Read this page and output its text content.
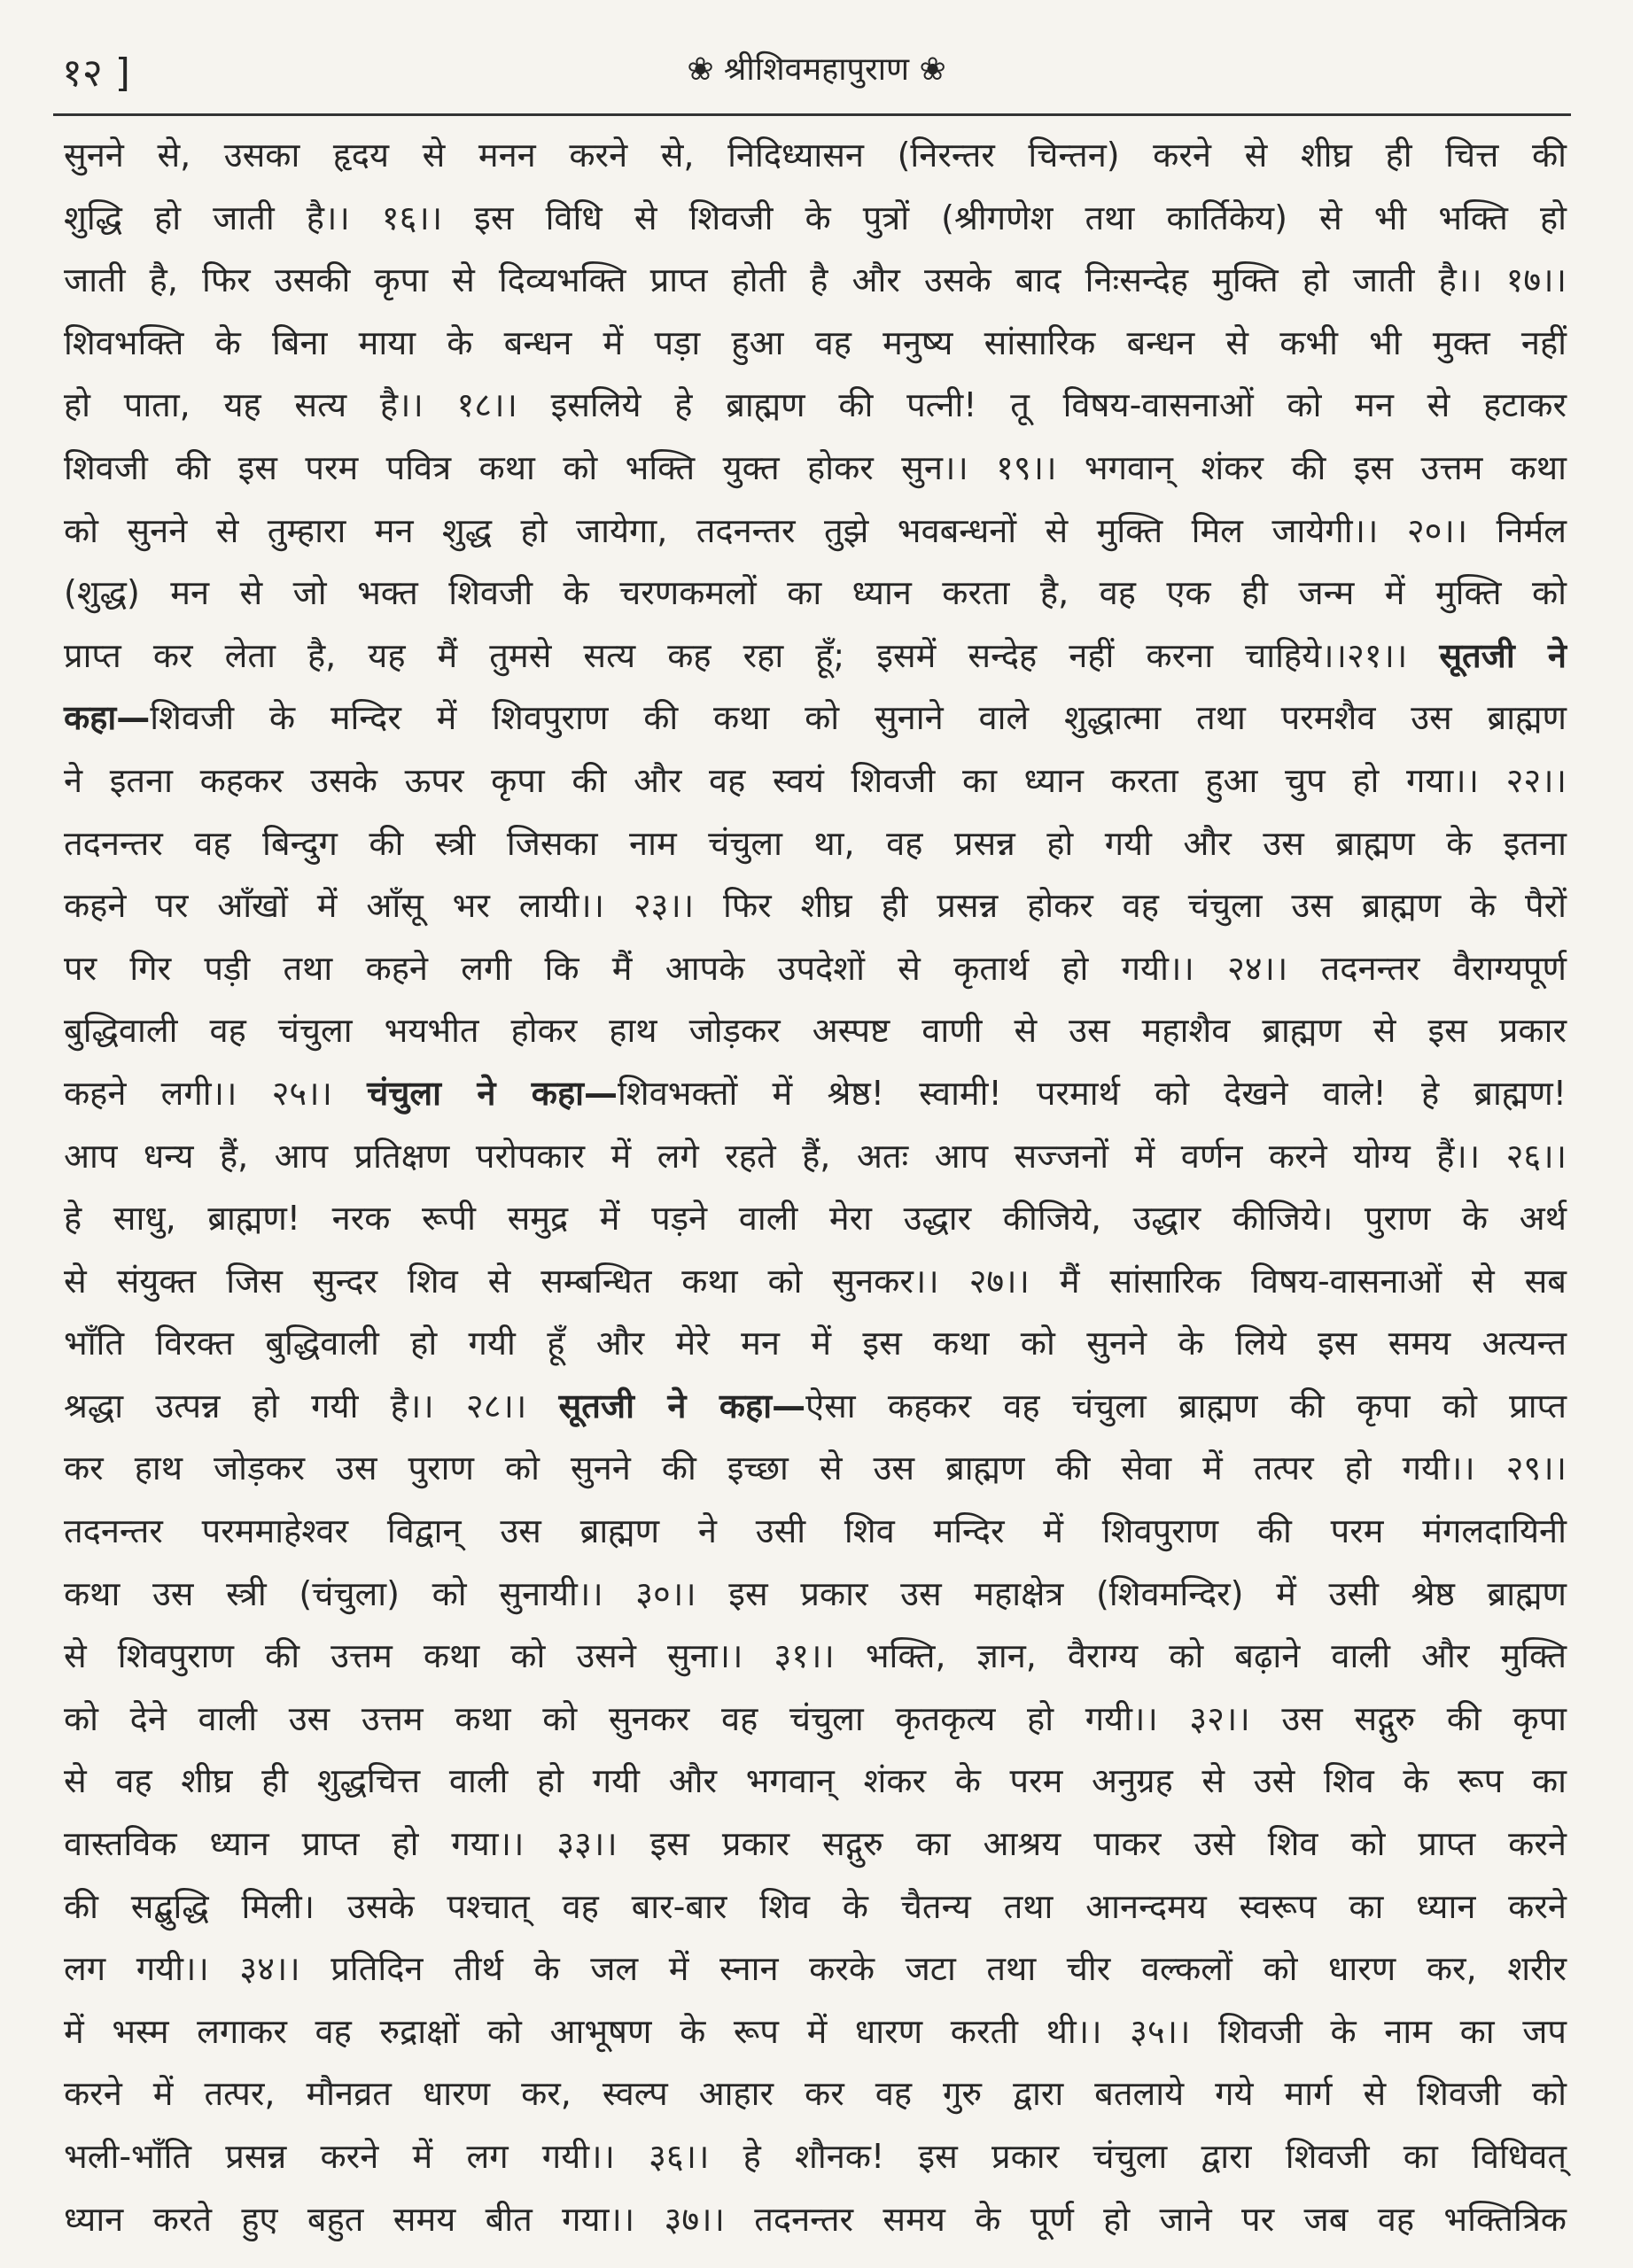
१२ ]	❀ श्रीशिवमहापुराण ❀
सुनने से, उसका हृदय से मनन करने से, निदिध्यासन (निरन्तर चिन्तन) करने से शीघ्र ही चित्त की
शुद्धि हो जाती है।। १६।। इस विधि से शिवजी के पुत्रों (श्रीगणेश तथा कार्तिकेय) से भी भक्ति हो
जाती है, फिर उसकी कृपा से दिव्यभक्ति प्राप्त होती है और उसके बाद निःसन्देह मुक्ति हो जाती है।। १७।।
शिवभक्ति के बिना माया के बन्धन में पड़ा हुआ वह मनुष्य सांसारिक बन्धन से कभी भी मुक्त नहीं
हो पाता, यह सत्य है।। १८।। इसलिये हे ब्राह्मण की पत्नी! तू विषय-वासनाओं को मन से हटाकर
शिवजी की इस परम पवित्र कथा को भक्ति युक्त होकर सुन।। १९।। भगवान् शंकर की इस उत्तम कथा
को सुनने से तुम्हारा मन शुद्ध हो जायेगा, तदनन्तर तुझे भवबन्धनों से मुक्ति मिल जायेगी।। २०।। निर्मल
(शुद्ध) मन से जो भक्त शिवजी के चरणकमलों का ध्यान करता है, वह एक ही जन्म में मुक्ति को
प्राप्त कर लेता है, यह मैं तुमसे सत्य कह रहा हूँ; इसमें सन्देह नहीं करना चाहिये।।२१।। सूतजी ने
कहा—शिवजी के मन्दिर में शिवपुराण की कथा को सुनाने वाले शुद्धात्मा तथा परमशैव उस ब्राह्मण
ने इतना कहकर उसके ऊपर कृपा की और वह स्वयं शिवजी का ध्यान करता हुआ चुप हो गया।। २२।।
तदनन्तर वह बिन्दुग की स्त्री जिसका नाम चंचुला था, वह प्रसन्न हो गयी और उस ब्राह्मण के इतना
कहने पर आँखों में आँसू भर लायी।। २३।। फिर शीघ्र ही प्रसन्न होकर वह चंचुला उस ब्राह्मण के पैरों
पर गिर पड़ी तथा कहने लगी कि मैं आपके उपदेशों से कृतार्थ हो गयी।। २४।। तदनन्तर वैराग्यपूर्ण
बुद्धिवाली वह चंचुला भयभीत होकर हाथ जोड़कर अस्पष्ट वाणी से उस महाशैव ब्राह्मण से इस प्रकार
कहने लगी।। २५।। चंचुला ने कहा—शिवभक्तों में श्रेष्ठ! स्वामी! परमार्थ को देखने वाले! हे ब्राह्मण!
आप धन्य हैं, आप प्रतिक्षण परोपकार में लगे रहते हैं, अतः आप सज्जनों में वर्णन करने योग्य हैं।। २६।।
हे साधु, ब्राह्मण! नरक रूपी समुद्र में पड़ने वाली मेरा उद्धार कीजिये, उद्धार कीजिये। पुराण के अर्थ
से संयुक्त जिस सुन्दर शिव से सम्बन्धित कथा को सुनकर।। २७।। मैं सांसारिक विषय-वासनाओं से सब
भाँति विरक्त बुद्धिवाली हो गयी हूँ और मेरे मन में इस कथा को सुनने के लिये इस समय अत्यन्त
श्रद्धा उत्पन्न हो गयी है।। २८।। सूतजी ने कहा—ऐसा कहकर वह चंचुला ब्राह्मण की कृपा को प्राप्त
कर हाथ जोड़कर उस पुराण को सुनने की इच्छा से उस ब्राह्मण की सेवा में तत्पर हो गयी।। २९।।
तदनन्तर परममाहेश्वर विद्वान् उस ब्राह्मण ने उसी शिव मन्दिर में शिवपुराण की परम मंगलदायिनी
कथा उस स्त्री (चंचुला) को सुनायी।। ३०।। इस प्रकार उस महाक्षेत्र (शिवमन्दिर) में उसी श्रेष्ठ ब्राह्मण
से शिवपुराण की उत्तम कथा को उसने सुना।। ३१।। भक्ति, ज्ञान, वैराग्य को बढ़ाने वाली और मुक्ति
को देने वाली उस उत्तम कथा को सुनकर वह चंचुला कृतकृत्य हो गयी।। ३२।। उस सद्गुरु की कृपा
से वह शीघ्र ही शुद्धचित्त वाली हो गयी और भगवान् शंकर के परम अनुग्रह से उसे शिव के रूप का
वास्तविक ध्यान प्राप्त हो गया।। ३३।। इस प्रकार सद्गुरु का आश्रय पाकर उसे शिव को प्राप्त करने
की सद्बुद्धि मिली। उसके पश्चात् वह बार-बार शिव के चैतन्य तथा आनन्दमय स्वरूप का ध्यान करने
लग गयी।। ३४।। प्रतिदिन तीर्थ के जल में स्नान करके जटा तथा चीर वल्कलों को धारण कर, शरीर
में भस्म लगाकर वह रुद्राक्षों को आभूषण के रूप में धारण करती थी।। ३५।। शिवजी के नाम का जप
करने में तत्पर, मौनव्रत धारण कर, स्वल्प आहार कर वह गुरु द्वारा बतलाये गये मार्ग से शिवजी को
भली-भाँति प्रसन्न करने में लग गयी।। ३६।। हे शौनक! इस प्रकार चंचुला द्वारा शिवजी का विधिवत्
ध्यान करते हुए बहुत समय बीत गया।। ३७।। तदनन्तर समय के पूर्ण हो जाने पर जब वह भक्तित्रिक
